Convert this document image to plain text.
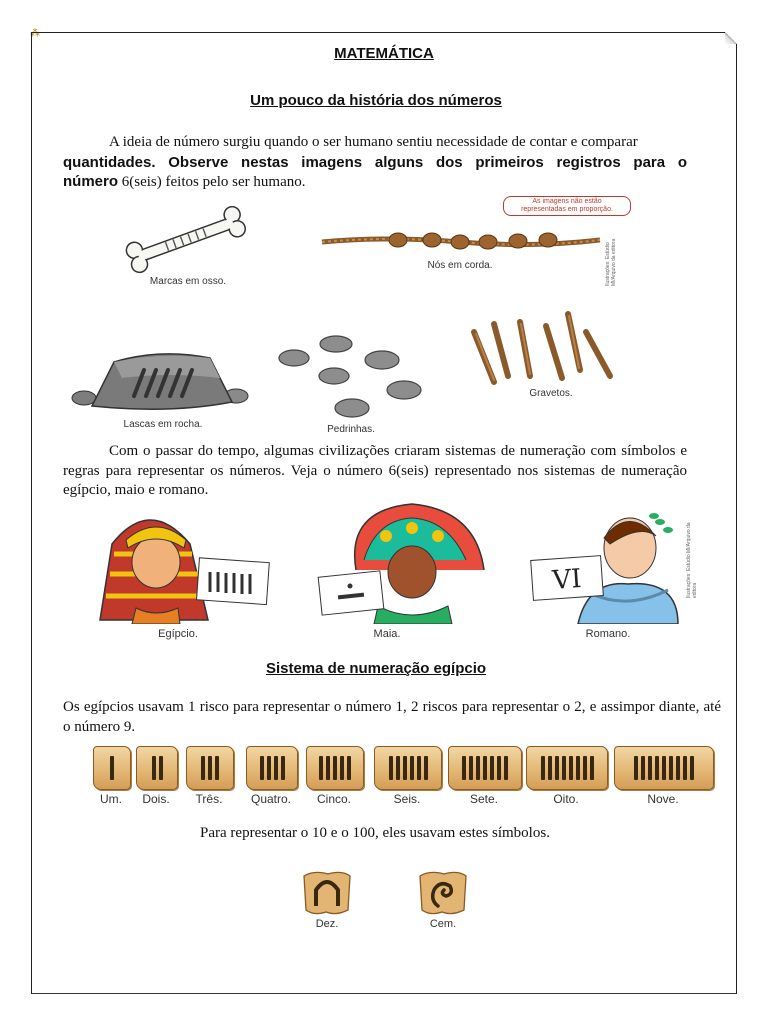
⁂
MATEMÁTICA
Um pouco da história dos números
A ideia de número surgiu quando o ser humano sentiu necessidade de contar e comparar
quantidades. Observe nestas imagens alguns dos primeiros registros para o
número 6(seis) feitos pelo ser humano.
Marcas em osso.
As imagens não estão
representadas em proporção.
Nós em corda.	Ilustrações: Estúdio Ml/Arquivo da editora
Lascas em rocha.	Pedrinhas.
Gravetos.
Com o passar do tempo, algumas civilizações criaram sistemas de numeração com símbolos e regras para representar os números. Veja o número 6(seis) representado nos sistemas de numeração egípcio, maio e romano.
Egípcio.	Maia.
VI
Romano.
Ilustrações: Estúdio Ml/Arquivo da editora
Sistema de numeração egípcio
Os egípcios usavam 1 risco para representar o número 1, 2 riscos para representar o 2, e assimpor diante, até o número 9.
Um.	Dois.	Três.	Quatro.	Cinco.	Seis.	Sete.	Oito.	Nove.
Para representar o 10 e o 100, eles usavam estes símbolos.
Dez.	Cem.
